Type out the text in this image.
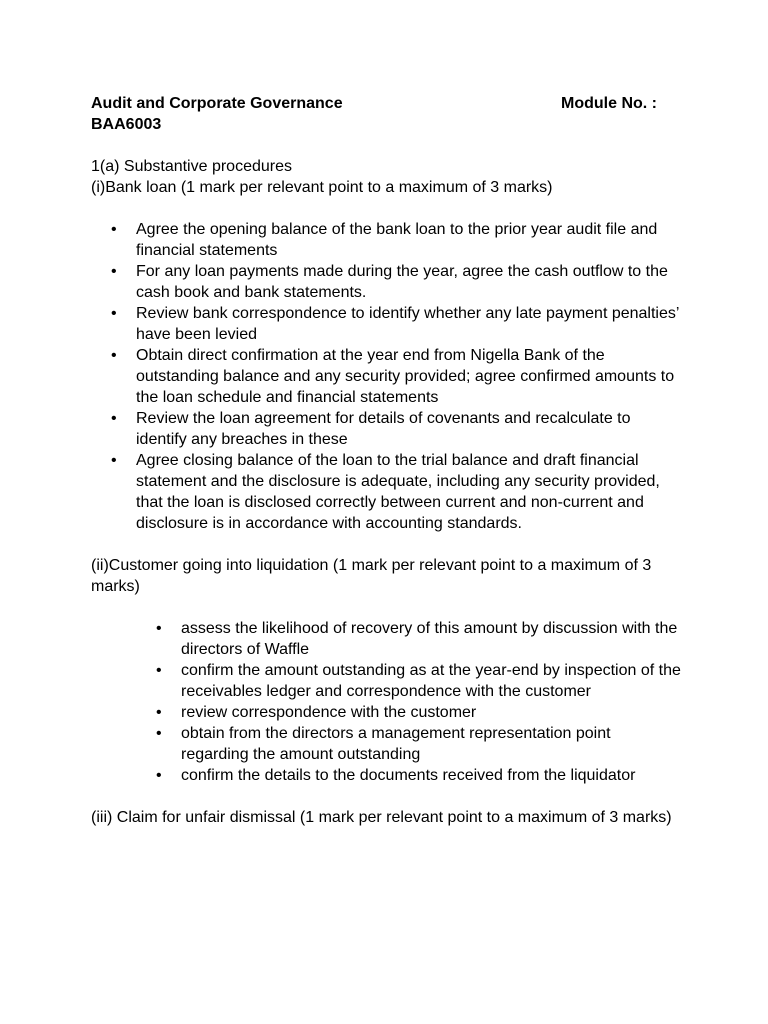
Audit and Corporate Governance	Module No. :
BAA6003

1(a) Substantive procedures

(i)Bank loan (1 mark per relevant point to a maximum of 3 marks)

• Agree the opening balance of the bank loan to the prior year audit file and financial statements
• For any loan payments made during the year, agree the cash outflow to the cash book and bank statements.
• Review bank correspondence to identify whether any late payment penalties’ have been levied
• Obtain direct confirmation at the year end from Nigella Bank of the outstanding balance and any security provided; agree confirmed amounts to the loan schedule and financial statements
• Review the loan agreement for details of covenants and recalculate to identify any breaches in these
• Agree closing balance of the loan to the trial balance and draft financial statement and the disclosure is adequate, including any security provided, that the loan is disclosed correctly between current and non-current and disclosure is in accordance with accounting standards.

(ii)Customer going into liquidation (1 mark per relevant point to a maximum of 3 marks)

• assess the likelihood of recovery of this amount by discussion with the directors of Waffle
• confirm the amount outstanding as at the year-end by inspection of the receivables ledger and correspondence with the customer
• review correspondence with the customer
• obtain from the directors a management representation point regarding the amount outstanding
• confirm the details to the documents received from the liquidator

(iii) Claim for unfair dismissal (1 mark per relevant point to a maximum of 3 marks)
